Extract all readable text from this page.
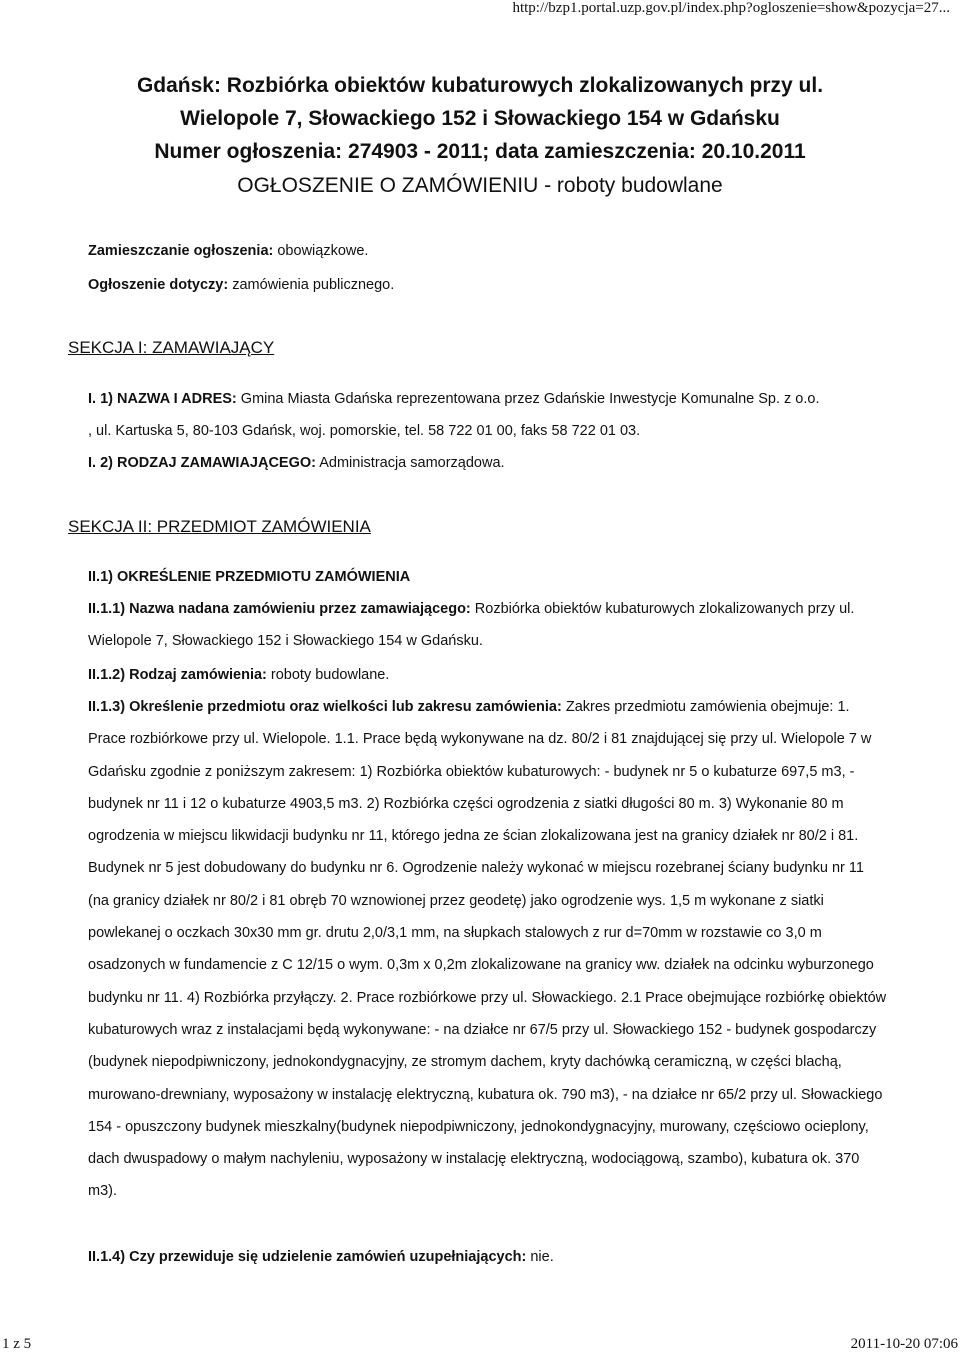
http://bzp1.portal.uzp.gov.pl/index.php?ogloszenie=show&pozycja=27...
Gdańsk: Rozbiórka obiektów kubaturowych zlokalizowanych przy ul.
Wielopole 7, Słowackiego 152 i Słowackiego 154 w Gdańsku
Numer ogłoszenia: 274903 - 2011; data zamieszczenia: 20.10.2011
OGŁOSZENIE O ZAMÓWIENIU - roboty budowlane
Zamieszczanie ogłoszenia: obowiązkowe.
Ogłoszenie dotyczy: zamówienia publicznego.
SEKCJA I: ZAMAWIAJĄCY
I. 1) NAZWA I ADRES: Gmina Miasta Gdańska reprezentowana przez Gdańskie Inwestycje Komunalne Sp. z o.o.
, ul. Kartuska 5, 80-103 Gdańsk, woj. pomorskie, tel. 58 722 01 00, faks 58 722 01 03.
I. 2) RODZAJ ZAMAWIAJĄCEGO: Administracja samorządowa.
SEKCJA II: PRZEDMIOT ZAMÓWIENIA
II.1) OKREŚLENIE PRZEDMIOTU ZAMÓWIENIA

II.1.1) Nazwa nadana zamówieniu przez zamawiającego: Rozbiórka obiektów kubaturowych zlokalizowanych przy ul. Wielopole 7, Słowackiego 152 i Słowackiego 154 w Gdańsku.

II.1.2) Rodzaj zamówienia: roboty budowlane.

II.1.3) Określenie przedmiotu oraz wielkości lub zakresu zamówienia: Zakres przedmiotu zamówienia obejmuje: 1. Prace rozbiórkowe przy ul. Wielopole. 1.1. Prace będą wykonywane na dz. 80/2 i 81 znajdującej się przy ul. Wielopole 7 w Gdańsku zgodnie z poniższym zakresem: 1) Rozbiórka obiektów kubaturowych: - budynek nr 5 o kubaturze 697,5 m3, - budynek nr 11 i 12 o kubaturze 4903,5 m3. 2) Rozbiórka części ogrodzenia z siatki długości 80 m. 3) Wykonanie 80 m ogrodzenia w miejscu likwidacji budynku nr 11, którego jedna ze ścian zlokalizowana jest na granicy działek nr 80/2 i 81. Budynek nr 5 jest dobudowany do budynku nr 6. Ogrodzenie należy wykonać w miejscu rozebranej ściany budynku nr 11 (na granicy działek nr 80/2 i 81 obręb 70 wznowionej przez geodetę) jako ogrodzenie wys. 1,5 m wykonane z siatki powlekanej o oczkach 30x30 mm gr. drutu 2,0/3,1 mm, na słupkach stalowych z rur d=70mm w rozstawie co 3,0 m osadzonych w fundamencie z C 12/15 o wym. 0,3m x 0,2m zlokalizowane na granicy ww. działek na odcinku wyburzonego budynku nr 11. 4) Rozbiórka przyłączy. 2. Prace rozbiórkowe przy ul. Słowackiego. 2.1 Prace obejmujące rozbiórkę obiektów kubaturowych wraz z instalacjami będą wykonywane: - na działce nr 67/5 przy ul. Słowackiego 152 - budynek gospodarczy (budynek niepodpiwniczony, jednokondygnacyjny, ze stromym dachem, kryty dachówką ceramiczną, w części blachą, murowano-drewniany, wyposażony w instalację elektryczną, kubatura ok. 790 m3), - na działce nr 65/2 przy ul. Słowackiego 154 - opuszczony budynek mieszkalny(budynek niepodpiwniczony, jednokondygnacyjny, murowany, częściowo ocieplony, dach dwuspadowy o małym nachyleniu, wyposażony w instalację elektryczną, wodociągową, szambo), kubatura ok. 370 m3).

II.1.4) Czy przewiduje się udzielenie zamówień uzupełniających: nie.
1 z 5	2011-10-20 07:06
